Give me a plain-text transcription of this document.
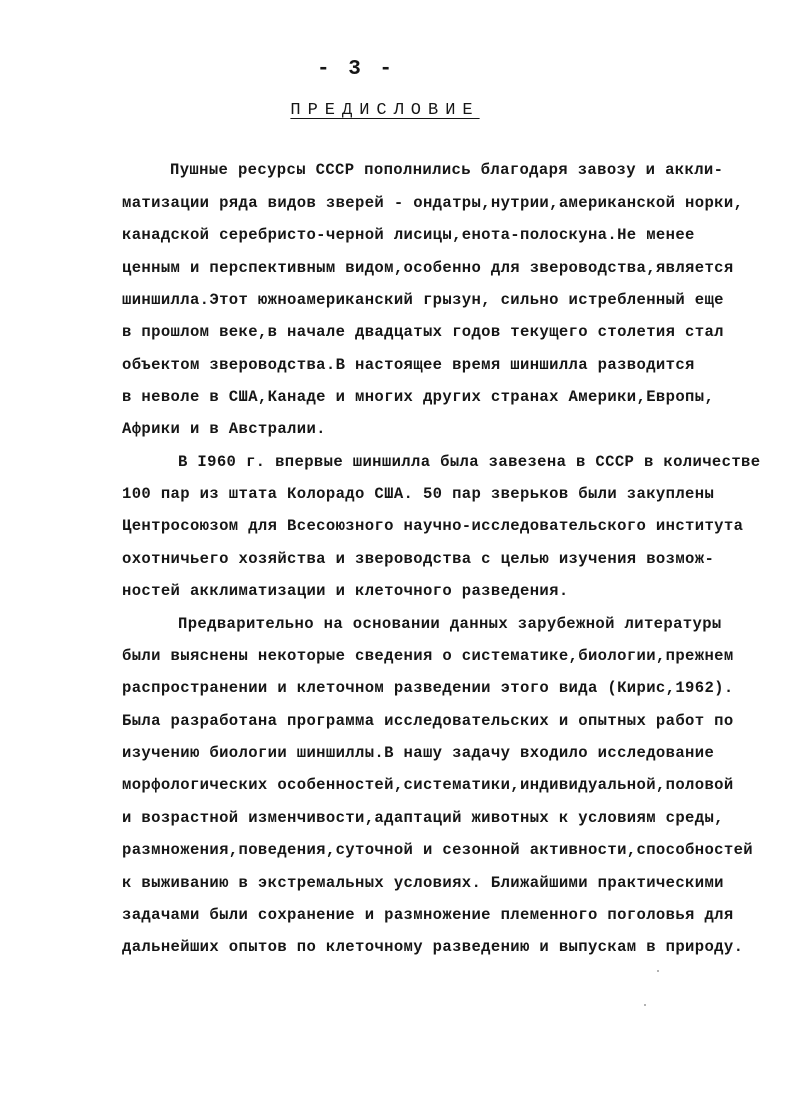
- 3 -
ПРЕДИСЛОВИЕ
Пушные ресурсы СССР пополнились благодаря завозу и аккли-
матизации ряда видов зверей - ондатры,нутрии,американской норки,
канадской серебристо-черной лисицы,енота-полоскуна.Не менее
ценным и перспективным видом,особенно для звероводства,является
шиншилла.Этот южноамериканский грызун, сильно истребленный еще
в прошлом веке,в начале двадцатых годов текущего столетия стал
объектом звероводства.В настоящее время шиншилла разводится
в неволе в США,Канаде и многих других странах Америки,Европы,
Африки и в Австралии.
В I960 г. впервые шиншилла была завезена в СССР в количестве
100 пар из штата Колорадо США. 50 пар зверьков были закуплены
Центросоюзом для Всесоюзного научно-исследовательского института
охотничьего хозяйства и звероводства с целью изучения возмож-
ностей акклиматизации и клеточного разведения.
Предварительно на основании данных зарубежной литературы
были выяснены некоторые сведения о систематике,биологии,прежнем
распространении и клеточном разведении этого вида (Кирис,1962).
Была разработана программа исследовательских и опытных работ по
изучению биологии шиншиллы.В нашу задачу входило исследование
морфологических особенностей,систематики,индивидуальной,половой
и возрастной изменчивости,адаптаций животных к условиям среды,
размножения,поведения,суточной и сезонной активности,способностей
к выживанию в экстремальных условиях. Ближайшими практическими
задачами были сохранение и размножение племенного поголовья для
дальнейших опытов по клеточному разведению и выпускам в природу.
